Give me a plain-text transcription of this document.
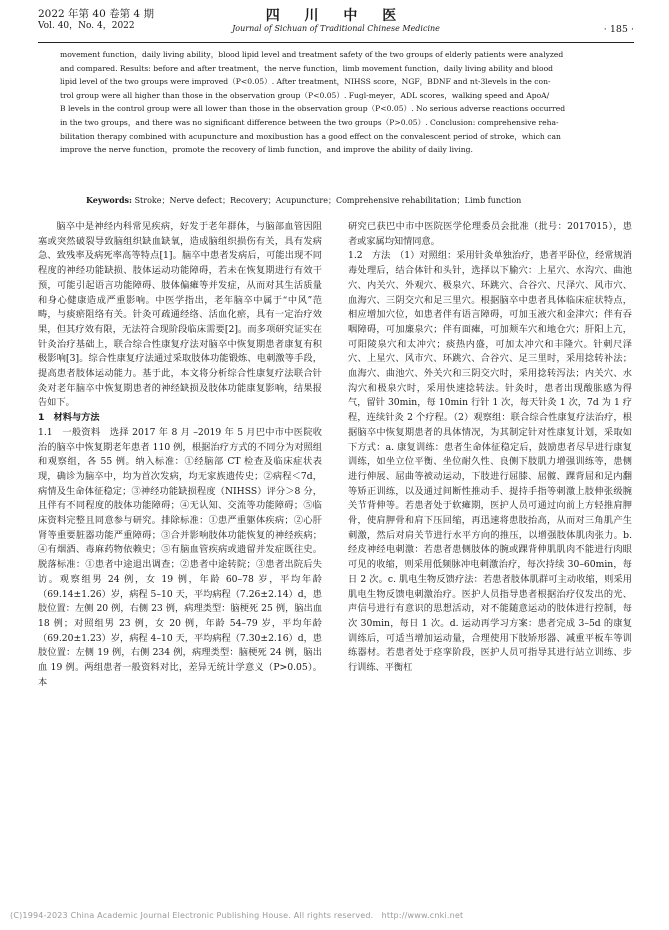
2022 年第 40 卷第 4 期
Vol. 40，No. 4，2022
四 川 中 医
Journal of Sichuan of Traditional Chinese Medicine	· 185 ·

movement function，daily living ability，blood lipid level and treatment safety of the two groups of elderly patients were analyzed

and compared. Results: before and after treatment，the nerve function，limb movement function，daily living ability and blood

lipid level of the two groups were improved（P<0.05）. After treatment，NIHSS score，NGF，BDNF and nt-3levels in the con-

trol group were all higher than those in the observation group（P<0.05）. Fugl-meyer，ADL scores，walking speed and ApoA/

B levels in the control group were all lower than those in the observation group（P<0.05）. No serious adverse reactions occurred

in the two groups，and there was no significant difference between the two groups（P>0.05）. Conclusion: comprehensive reha-

bilitation therapy combined with acupuncture and moxibustion has a good effect on the convalescent period of stroke，which can

improve the nerve function，promote the recovery of limb function，and improve the ability of daily living.

Keywords: Stroke；Nerve defect；Recovery；Acupuncture；Comprehensive rehabilitation；Limb function

脑卒中是神经内科常见疾病，好发于老年群体，与脑部血管因阻塞或突然破裂导致脑组织缺血缺氧，造成脑组织损伤有关，具有发病急、致残率及病死率高等特点[1]。脑卒中患者发病后，可能出现不同程度的神经功能缺损、肢体运动功能障碍，若未在恢复期进行有效干预，可能引起语言功能障碍、肢体偏瘫等并发症，从而对其生活质量和身心健康造成严重影响。中医学指出，老年脑卒中属于“中风”范畴，与痰瘀阻络有关。针灸可疏通经络、活血化瘀，具有一定治疗效果，但其疗效有限，无法符合现阶段临床需要[2]。而多项研究证实在针灸治疗基础上，联合综合性康复疗法对脑卒中恢复期患者康复有积极影响[3]。综合性康复疗法通过采取肢体功能锻炼、电刺激等手段，提高患者肢体运动能力。基于此，本文将分析综合性康复疗法联合针灸对老年脑卒中恢复期患者的神经缺损及肢体功能康复影响，结果报告如下。

1　材料与方法

1.1　一般资料　选择 2017 年 8 月 –2019 年 5 月巴中市中医院收治的脑卒中恢复期老年患者 110 例，根据治疗方式的不同分为对照组和观察组，各 55 例。纳入标准：①经脑部 CT 检查及临床症状表现，确诊为脑卒中，均为首次发病，均无家族遗传史；②病程＜7d，病情及生命体征稳定；③神经功能缺损程度（NIHSS）评分＞8 分，且伴有不同程度的肢体功能障碍；④无认知、交流等功能障碍；⑤临床资料完整且同意参与研究。排除标准：①患严重躯体疾病；②心肝肾等重要脏器功能严重障碍；③合并影响肢体功能恢复的神经疾病；④有烟酒、毒麻药物依赖史；⑤有脑血管疾病或遗留并发症既往史。脱落标准：①患者中途退出调查；②患者中途转院；③患者出院后失访。观察组男 24 例，女 19 例，年龄 60–78 岁，平均年龄（69.14±1.26）岁，病程 5–10 天，平均病程（7.26±2.14）d，患肢位置：左侧 20 例，右侧 23 例，病理类型：脑梗死 25 例，脑出血 18 例；对照组男 23 例，女 20 例，年龄 54–79 岁，平均年龄（69.20±1.23）岁，病程 4–10 天，平均病程（7.30±2.16）d，患肢位置：左侧 19 例，右侧 234 例，病理类型：脑梗死 24 例，脑出血 19 例。两组患者一般资料对比，差异无统计学意义（P>0.05）。本

研究已获巴中市中医院医学伦理委员会批准（批号：2017015），患者或家属均知情同意。

1.2　方法　（1）对照组：采用针灸单独治疗，患者平卧位，经常规消毒处理后，结合体针和头针，选择以下腧穴：上星穴、水沟穴、曲池穴、内关穴、外观穴、极泉穴、环跳穴、合谷穴、尺泽穴、风市穴、血海穴、三阴交穴和足三里穴。根据脑卒中患者具体临床症状特点，相应增加穴位，如患者伴有语言障碍，可加玉液穴和金津穴；伴有吞咽障碍，可加廉泉穴；伴有面瘫，可加颊车穴和地仓穴；肝阳上亢，可阳陵泉穴和太冲穴；痰热内盛，可加太冲穴和丰隆穴。针刺尺泽穴、上星穴、风市穴、环跳穴、合谷穴、足三里时，采用捻转补法；血海穴、曲池穴、外关穴和三阴交穴时，采用捻转泻法；内关穴、水沟穴和极泉穴时，采用快速捻转法。针灸时，患者出现酸胀感为得气，留针 30min，每 10min 行针 1 次，每天针灸 1 次，7d 为 1 疗程，连续针灸 2 个疗程。（2）观察组：联合综合性康复疗法治疗，根据脑卒中恢复期患者的具体情况，为其制定针对性康复计划，采取如下方式：a. 康复训练：患者生命体征稳定后，鼓励患者尽早进行康复训练，如坐立位平衡、坐位耐久性、良侧下肢肌力增强训练等，患侧进行伸展、屈曲等被动运动，下肢进行屈膝、屈髋、踝背屈和足内翻等矫正训练，以及通过间断性推动手、提持手指等刺激上肢伸张级腕关节背伸等。若患者处于软瘫期，医护人员可通过向前上方轻推肩胛骨，使肩胛骨和肩下压回缩，再迅速将患肢抬高，从而对三角肌产生刺激，然后对肩关节进行水平方向的推压，以增强肢体肌肉张力。b. 经皮神经电刺激：若患者患侧肢体的腕或踝背伸肌肌肉不能进行肉眼可见的收缩，则采用低频脉冲电刺激治疗，每次持续 30–60min，每日 2 次。c. 肌电生物反馈疗法：若患者肢体肌群可主动收缩，则采用肌电生物反馈电刺激治疗。医护人员指导患者根据治疗仪发出的光、声信号进行有意识的思想活动，对不能随意运动的肢体进行控制，每次 30min，每日 1 次。d. 运动再学习方案：患者完成 3–5d 的康复训练后，可适当增加运动量，合理使用下肢矫形器、减重平板车等训练器材。若患者处于痉挛阶段，医护人员可指导其进行站立训练、步行训练、平衡杠

(C)1994-2023 China Academic Journal Electronic Publishing House. All rights reserved.　http://www.cnki.net
